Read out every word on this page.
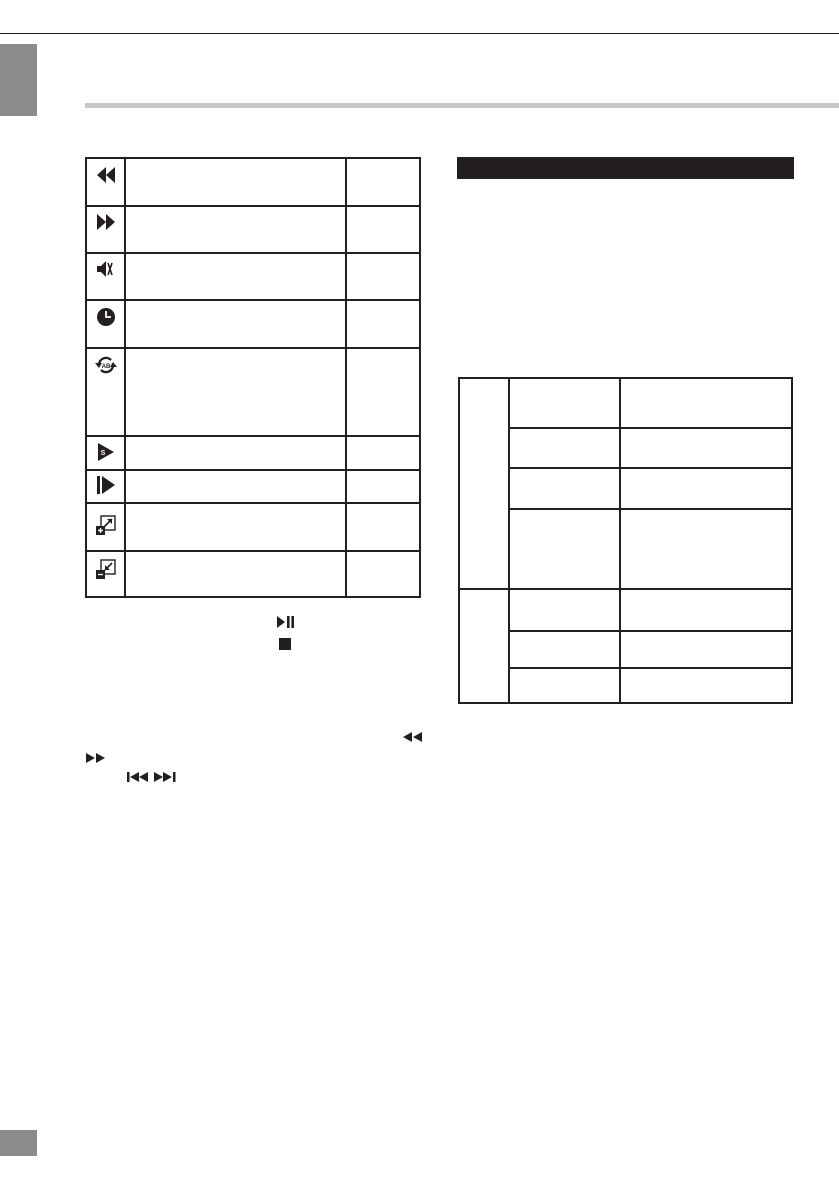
AB
S
